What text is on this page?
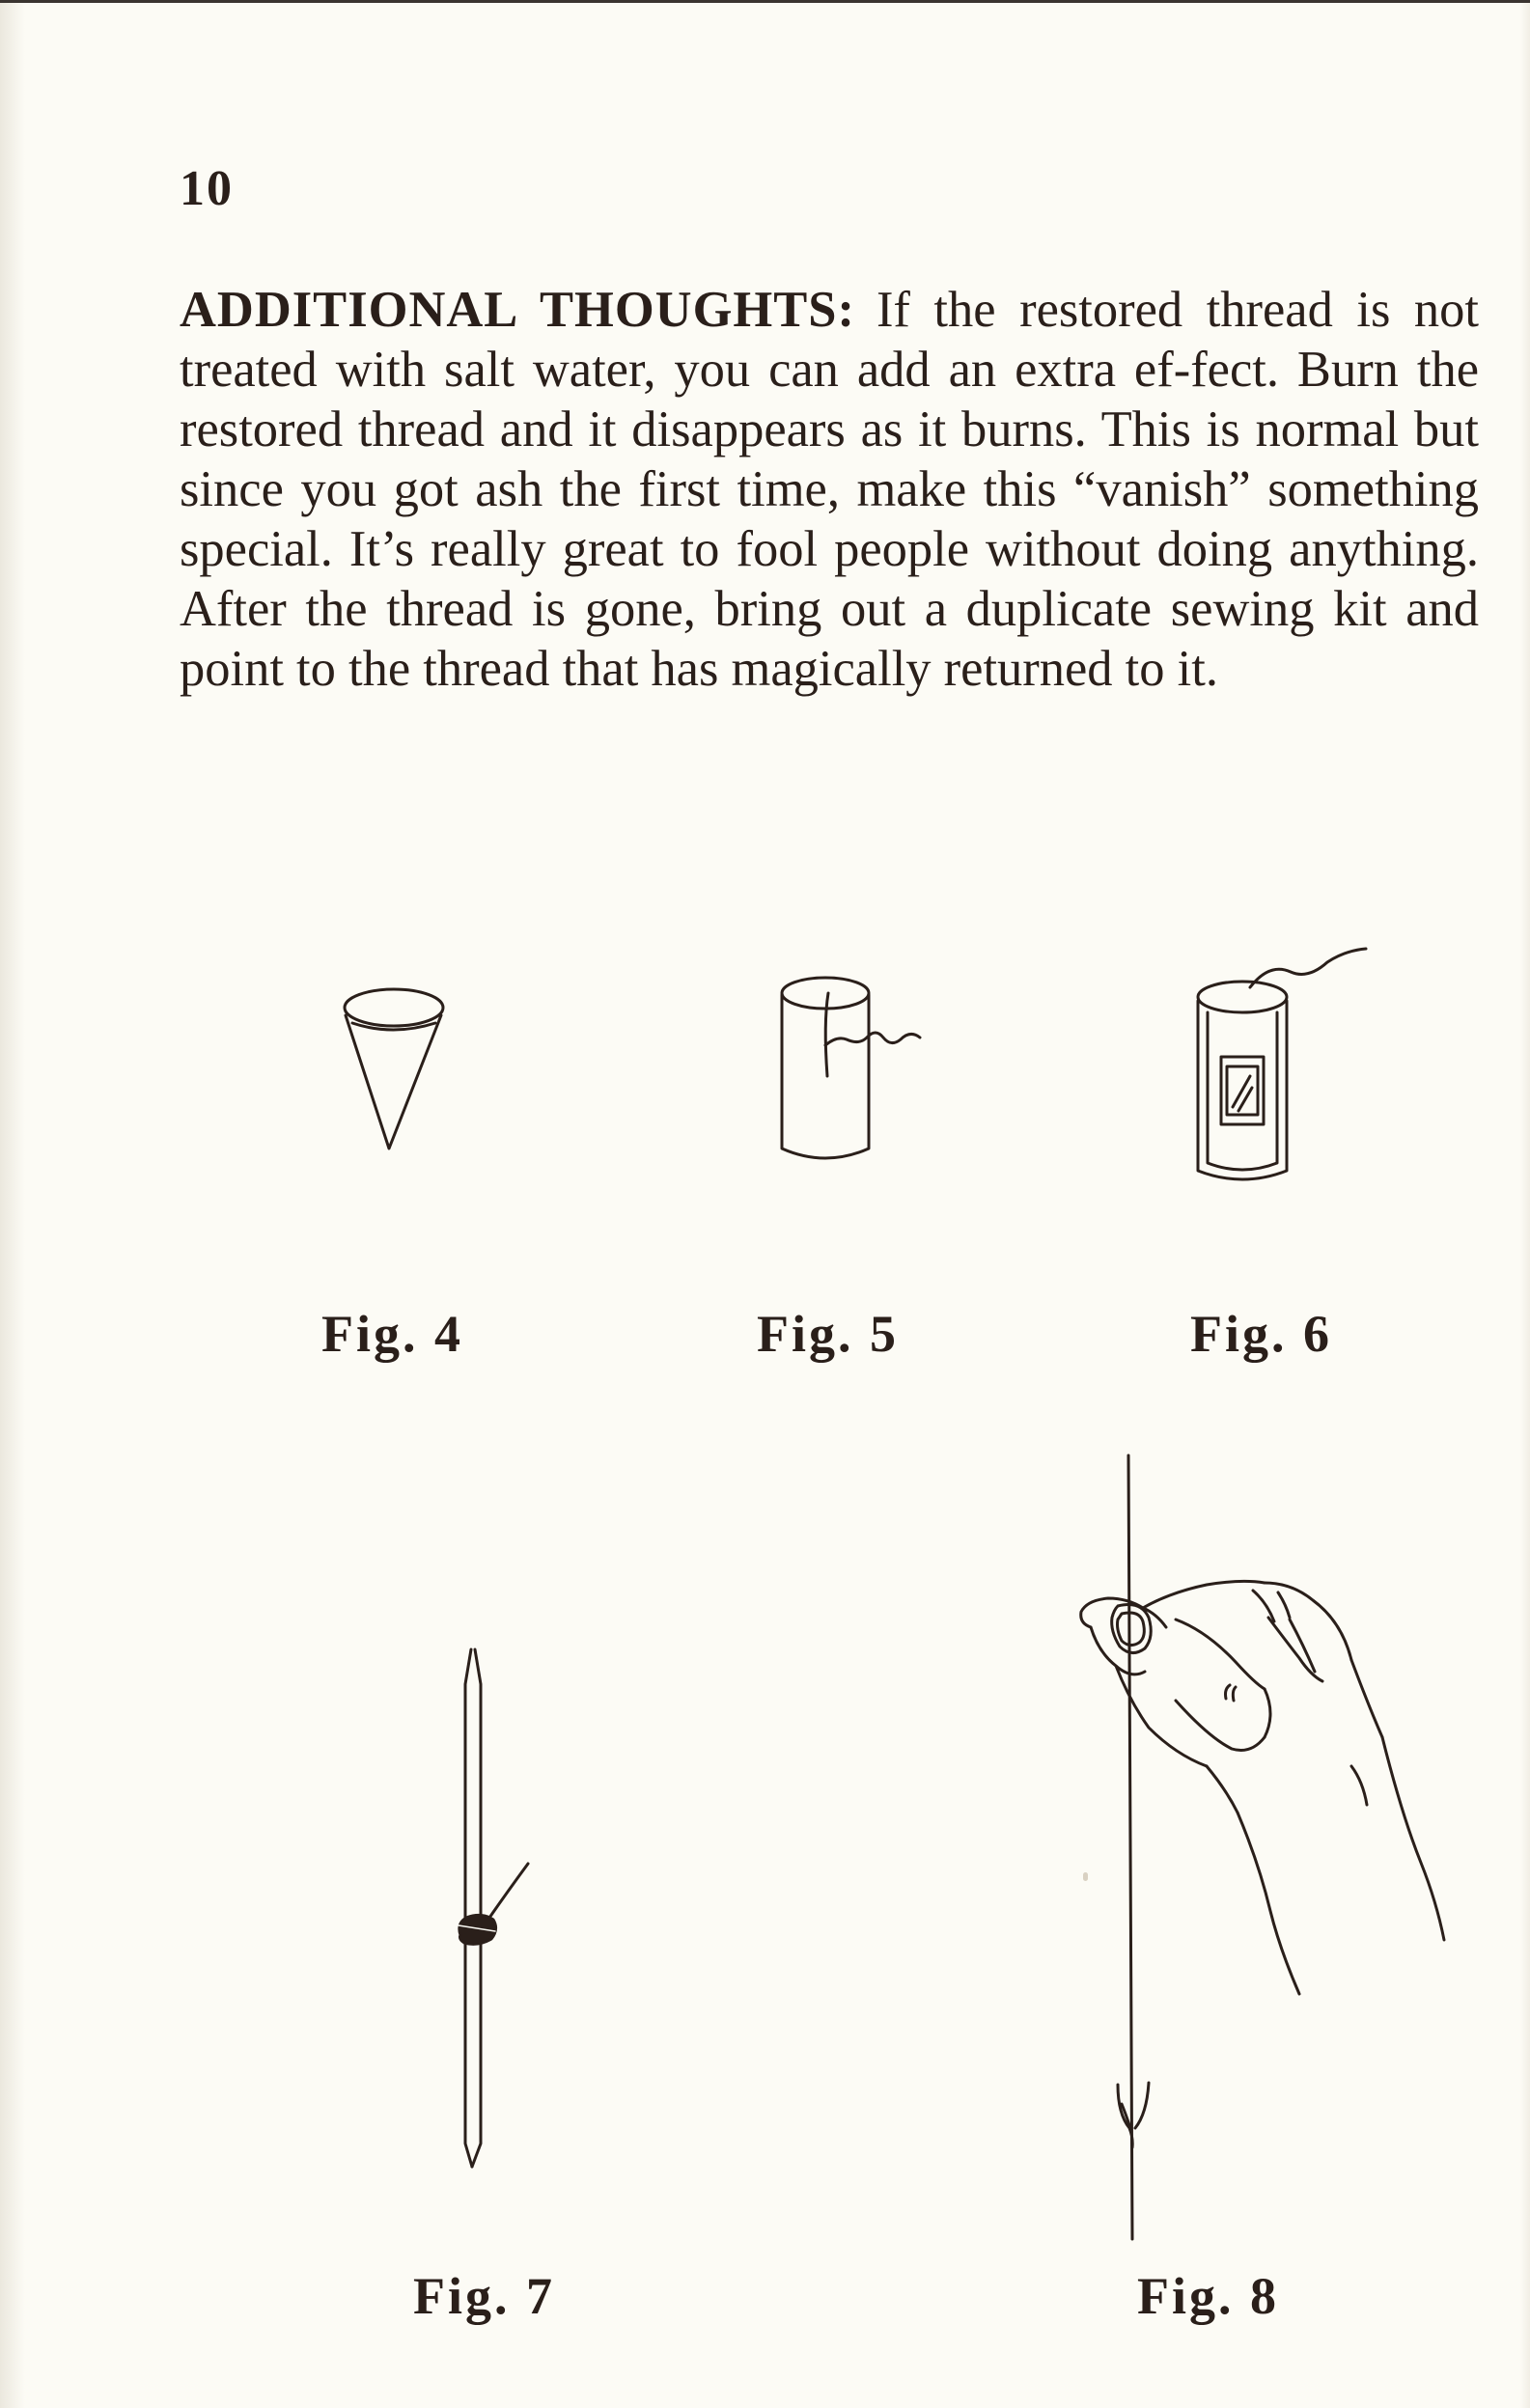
10

ADDITIONAL THOUGHTS: If the restored thread is not treated with salt water, you can add an extra ef-fect. Burn the restored thread and it disappears as it burns. This is normal but since you got ash the first time, make this “vanish” something special. It’s really great to fool people without doing anything. After the thread is gone, bring out a duplicate sewing kit and point to the thread that has magically returned to it.

Fig. 4	Fig. 5	Fig. 6
Fig. 7	Fig. 8
